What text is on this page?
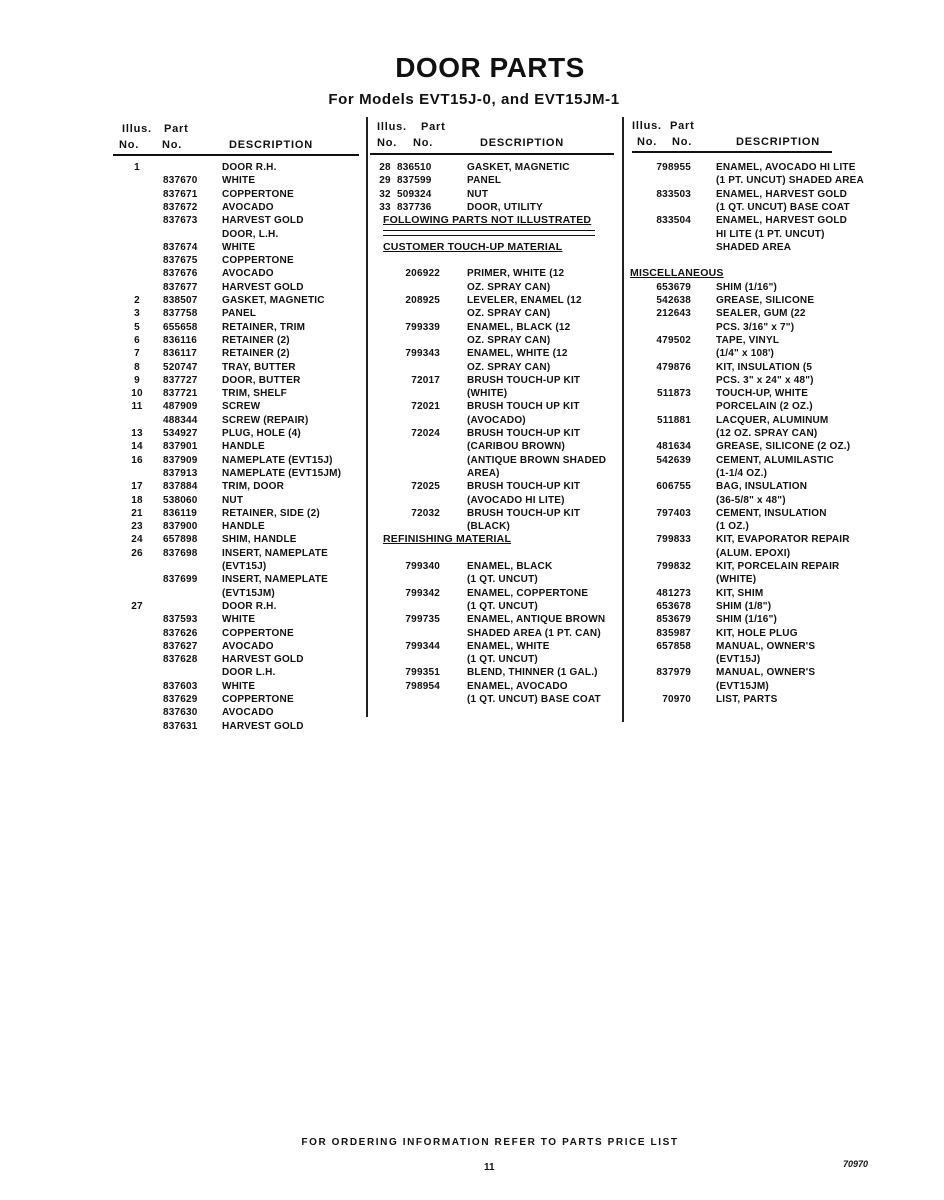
DOOR PARTS
For Models EVT15J-0, and EVT15JM-1
Illus. Part
No. No.	DESCRIPTION
Illus. Part
No. No.	DESCRIPTION
Illus. Part
No. No.	DESCRIPTION
1	DOOR R.H.
837670 WHITE
837671 COPPERTONE
837672 AVOCADO
837673 HARVEST GOLD
DOOR, L.H.
837674 WHITE
837675 COPPERTONE
837676 AVOCADO
837677 HARVEST GOLD
2	838507 GASKET, MAGNETIC
3	837758 PANEL
5	655658 RETAINER, TRIM
6	836116 RETAINER (2)
7	836117 RETAINER (2)
8	520747 TRAY, BUTTER
9	837727 DOOR, BUTTER
10	837721 TRIM, SHELF
11	487909 SCREW
488344 SCREW (REPAIR)
13	534927 PLUG, HOLE (4)
14	837901 HANDLE
16	837909 NAMEPLATE (EVT15J)
837913 NAMEPLATE (EVT15JM)
17	837884 TRIM, DOOR
18	538060 NUT
21	836119 RETAINER, SIDE (2)
23	837900 HANDLE
24	657898 SHIM, HANDLE
26	837698 INSERT, NAMEPLATE
(EVT15J)
837699 INSERT, NAMEPLATE
(EVT15JM)
27	DOOR R.H.
837593 WHITE
837626 COPPERTONE
837627 AVOCADO
837628 HARVEST GOLD
DOOR L.H.
837603 WHITE
837629 COPPERTONE
837630 AVOCADO
837631 HARVEST GOLD
28 836510	GASKET, MAGNETIC
29 837599	PANEL
32 509324	NUT
33 837736	DOOR, UTILITY
FOLLOWING PARTS NOT ILLUSTRATED
CUSTOMER TOUCH-UP MATERIAL
206922	PRIMER, WHITE (12
OZ. SPRAY CAN)
208925	LEVELER, ENAMEL (12
OZ. SPRAY CAN)
799339	ENAMEL, BLACK (12
OZ. SPRAY CAN)
799343	ENAMEL, WHITE (12
OZ. SPRAY CAN)
72017	BRUSH TOUCH-UP KIT
(WHITE)
72021	BRUSH TOUCH UP KIT
(AVOCADO)
72024	BRUSH TOUCH-UP KIT
(CARIBOU BROWN)
(ANTIQUE BROWN SHADED
AREA)
72025	BRUSH TOUCH-UP KIT
(AVOCADO HI LITE)
72032	BRUSH TOUCH-UP KIT
(BLACK)
REFINISHING MATERIAL
799340	ENAMEL, BLACK
(1 QT. UNCUT)
799342	ENAMEL, COPPERTONE
(1 QT. UNCUT)
799735	ENAMEL, ANTIQUE BROWN
SHADED AREA (1 PT. CAN)
799344	ENAMEL, WHITE
(1 QT. UNCUT)
799351	BLEND, THINNER (1 GAL.)
798954	ENAMEL, AVOCADO
(1 QT. UNCUT) BASE COAT
798955	ENAMEL, AVOCADO HI LITE
(1 PT. UNCUT) SHADED AREA
833503	ENAMEL, HARVEST GOLD
(1 QT. UNCUT) BASE COAT
833504	ENAMEL, HARVEST GOLD
HI LITE (1 PT. UNCUT)
SHADED AREA
MISCELLANEOUS
653679	SHIM (1/16")
542638	GREASE, SILICONE
212643	SEALER, GUM (22
PCS. 3/16" x 7")
479502	TAPE, VINYL
(1/4" x 108')
479876	KIT, INSULATION (5
PCS. 3" x 24" x 48")
511873	TOUCH-UP, WHITE
PORCELAIN (2 OZ.)
511881	LACQUER, ALUMINUM
(12 OZ. SPRAY CAN)
481634	GREASE, SILICONE (2 OZ.)
542639	CEMENT, ALUMILASTIC
(1-1/4 OZ.)
606755	BAG, INSULATION
(36-5/8" x 48")
797403	CEMENT, INSULATION
(1 OZ.)
799833	KIT, EVAPORATOR REPAIR
(ALUM. EPOXI)
799832	KIT, PORCELAIN REPAIR
(WHITE)
481273	KIT, SHIM
653678	SHIM (1/8")
853679	SHIM (1/16")
835987	KIT, HOLE PLUG
657858	MANUAL, OWNER'S
(EVT15J)
837979	MANUAL, OWNER'S
(EVT15JM)
70970	LIST, PARTS
FOR ORDERING INFORMATION REFER TO PARTS PRICE LIST
11	70970
